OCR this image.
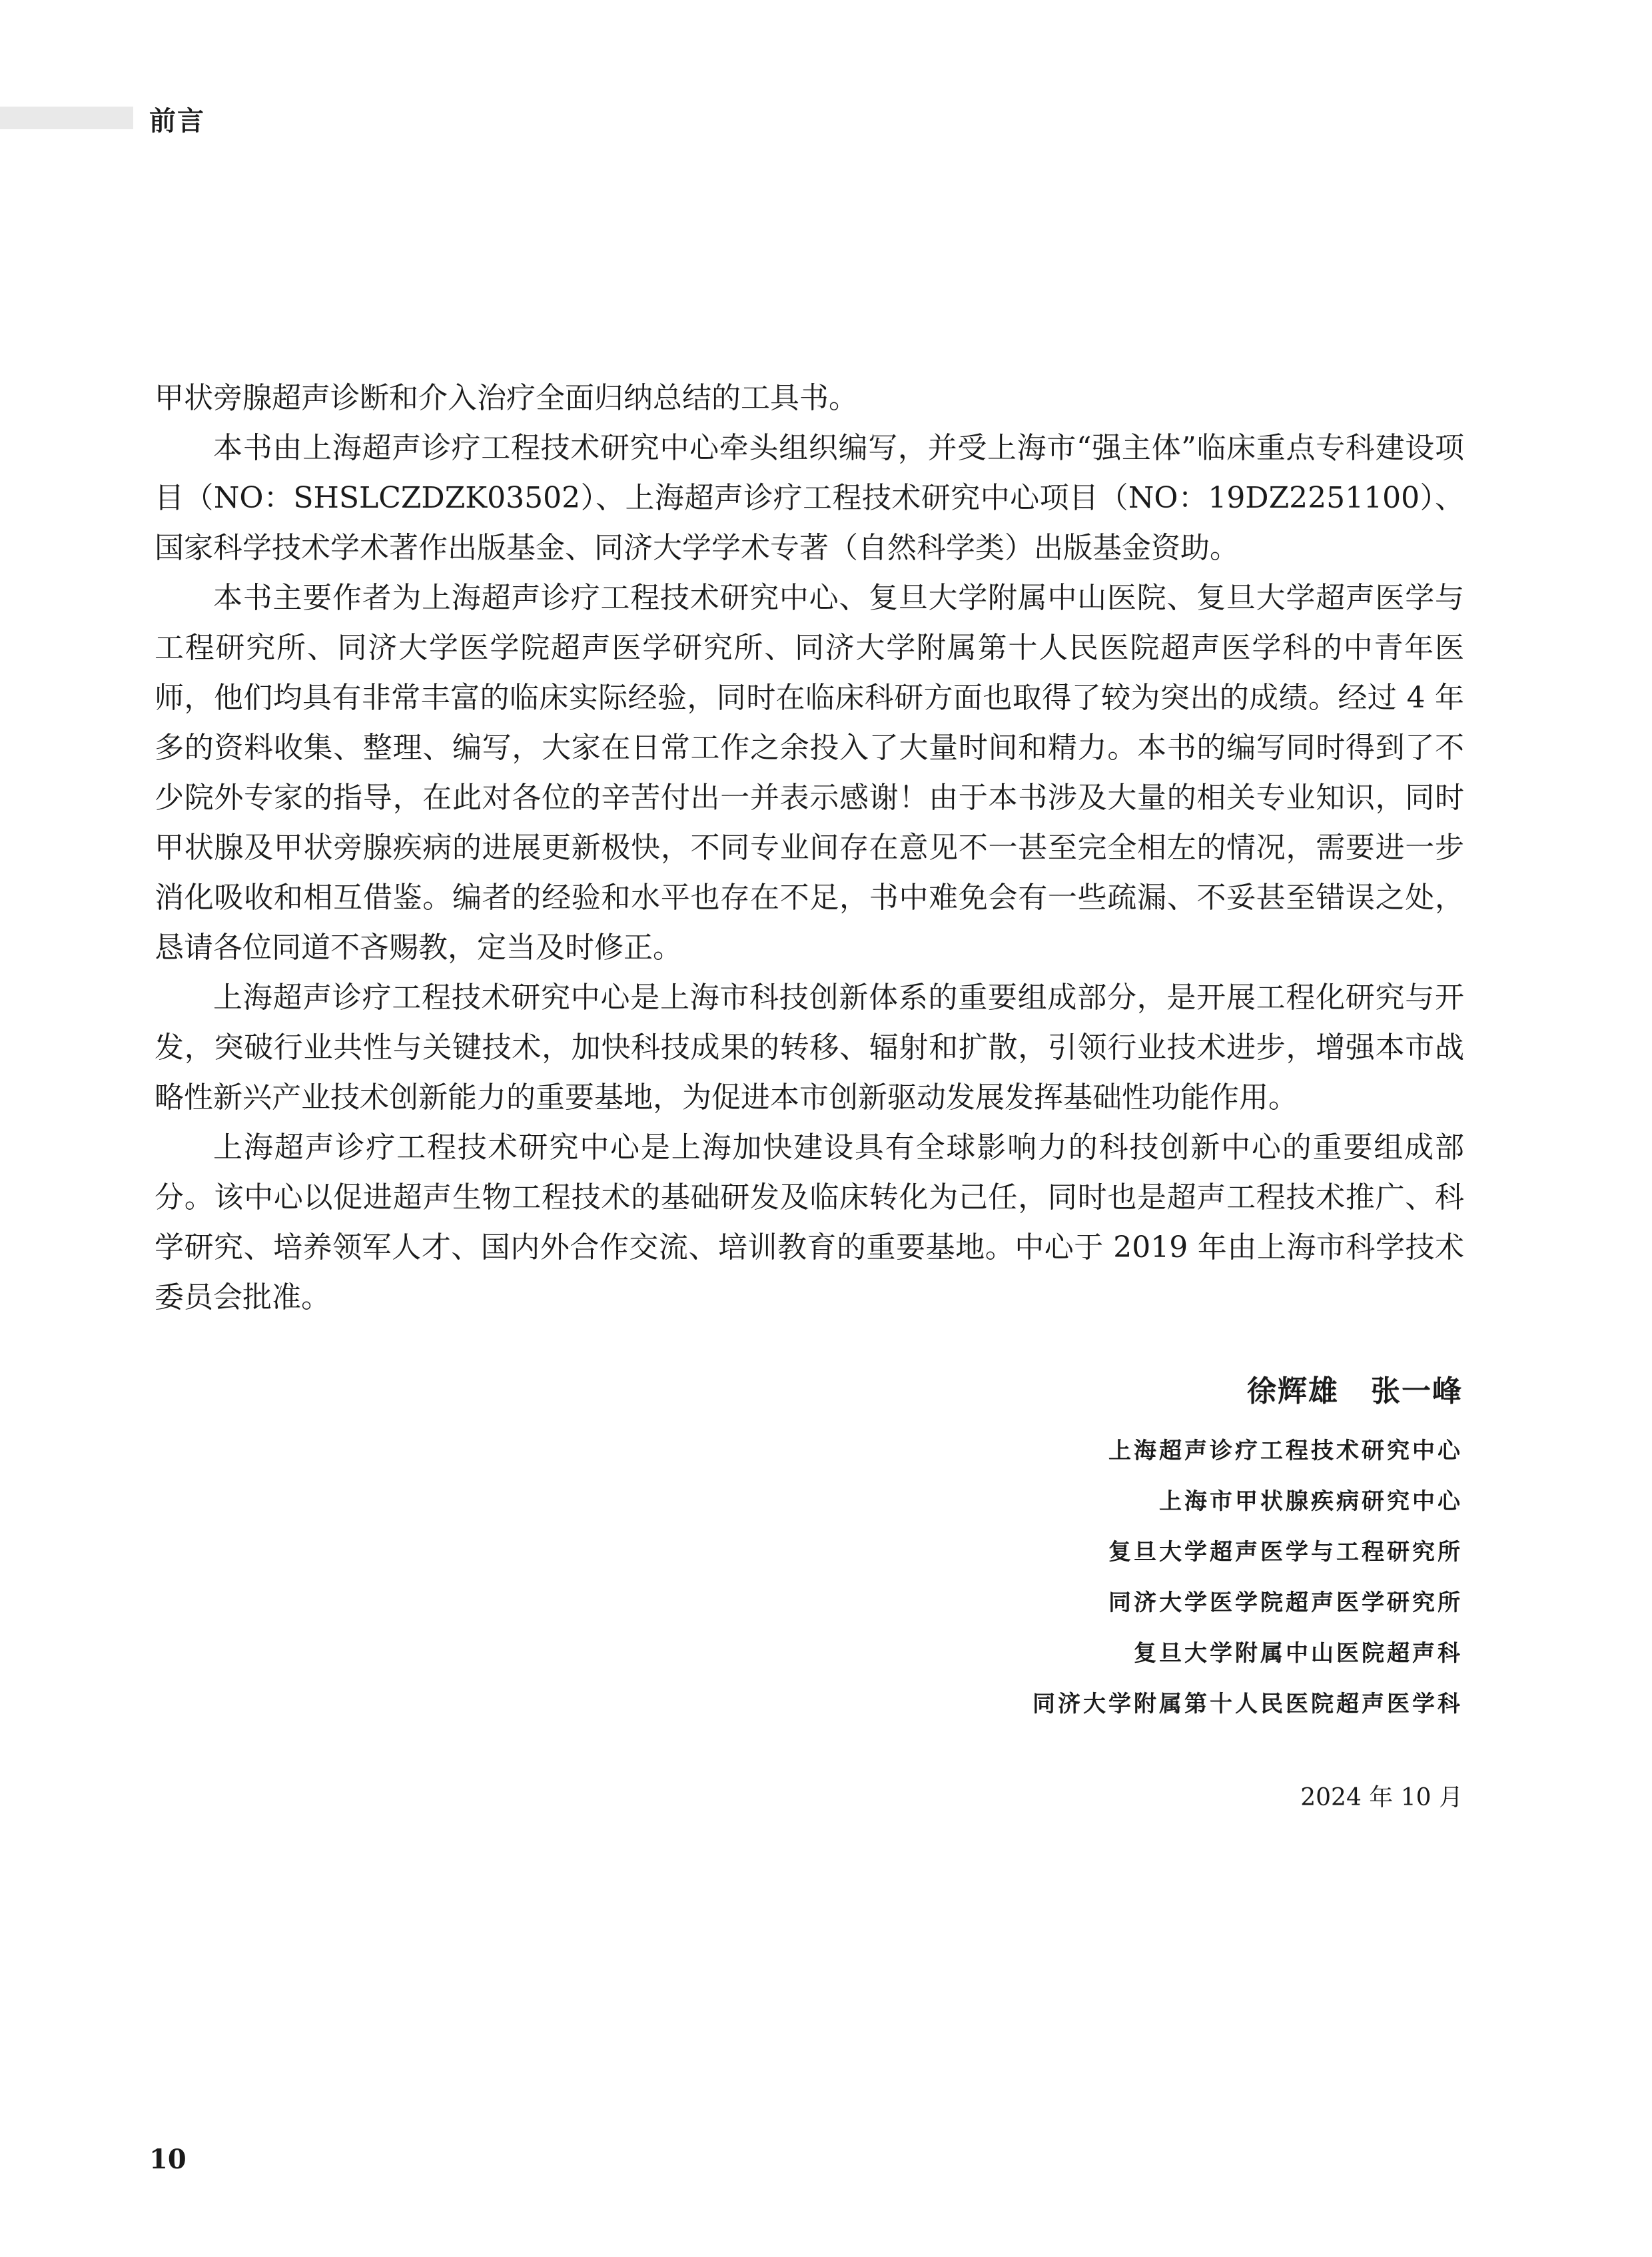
前言

甲状旁腺超声诊断和介入治疗全面归纳总结的工具书。

本书由上海超声诊疗工程技术研究中心牵头组织编写，并受上海市“强主体”临床重点专科建设项目（NO：SHSLCZDZK03502）、上海超声诊疗工程技术研究中心项目（NO：19DZ2251100）、国家科学技术学术著作出版基金、同济大学学术专著（自然科学类）出版基金资助。

本书主要作者为上海超声诊疗工程技术研究中心、复旦大学附属中山医院、复旦大学超声医学与工程研究所、同济大学医学院超声医学研究所、同济大学附属第十人民医院超声医学科的中青年医师，他们均具有非常丰富的临床实际经验，同时在临床科研方面也取得了较为突出的成绩。经过 4 年多的资料收集、整理、编写，大家在日常工作之余投入了大量时间和精力。本书的编写同时得到了不少院外专家的指导，在此对各位的辛苦付出一并表示感谢！由于本书涉及大量的相关专业知识，同时甲状腺及甲状旁腺疾病的进展更新极快，不同专业间存在意见不一甚至完全相左的情况，需要进一步消化吸收和相互借鉴。编者的经验和水平也存在不足，书中难免会有一些疏漏、不妥甚至错误之处，恳请各位同道不吝赐教，定当及时修正。

上海超声诊疗工程技术研究中心是上海市科技创新体系的重要组成部分，是开展工程化研究与开发，突破行业共性与关键技术，加快科技成果的转移、辐射和扩散，引领行业技术进步，增强本市战略性新兴产业技术创新能力的重要基地，为促进本市创新驱动发展发挥基础性功能作用。

上海超声诊疗工程技术研究中心是上海加快建设具有全球影响力的科技创新中心的重要组成部分。该中心以促进超声生物工程技术的基础研发及临床转化为己任，同时也是超声工程技术推广、科学研究、培养领军人才、国内外合作交流、培训教育的重要基地。中心于 2019 年由上海市科学技术委员会批准。

徐辉雄 张一峰
上海超声诊疗工程技术研究中心
上海市甲状腺疾病研究中心
复旦大学超声医学与工程研究所
同济大学医学院超声医学研究所
复旦大学附属中山医院超声科
同济大学附属第十人民医院超声医学科
2024 年 10 月
10
